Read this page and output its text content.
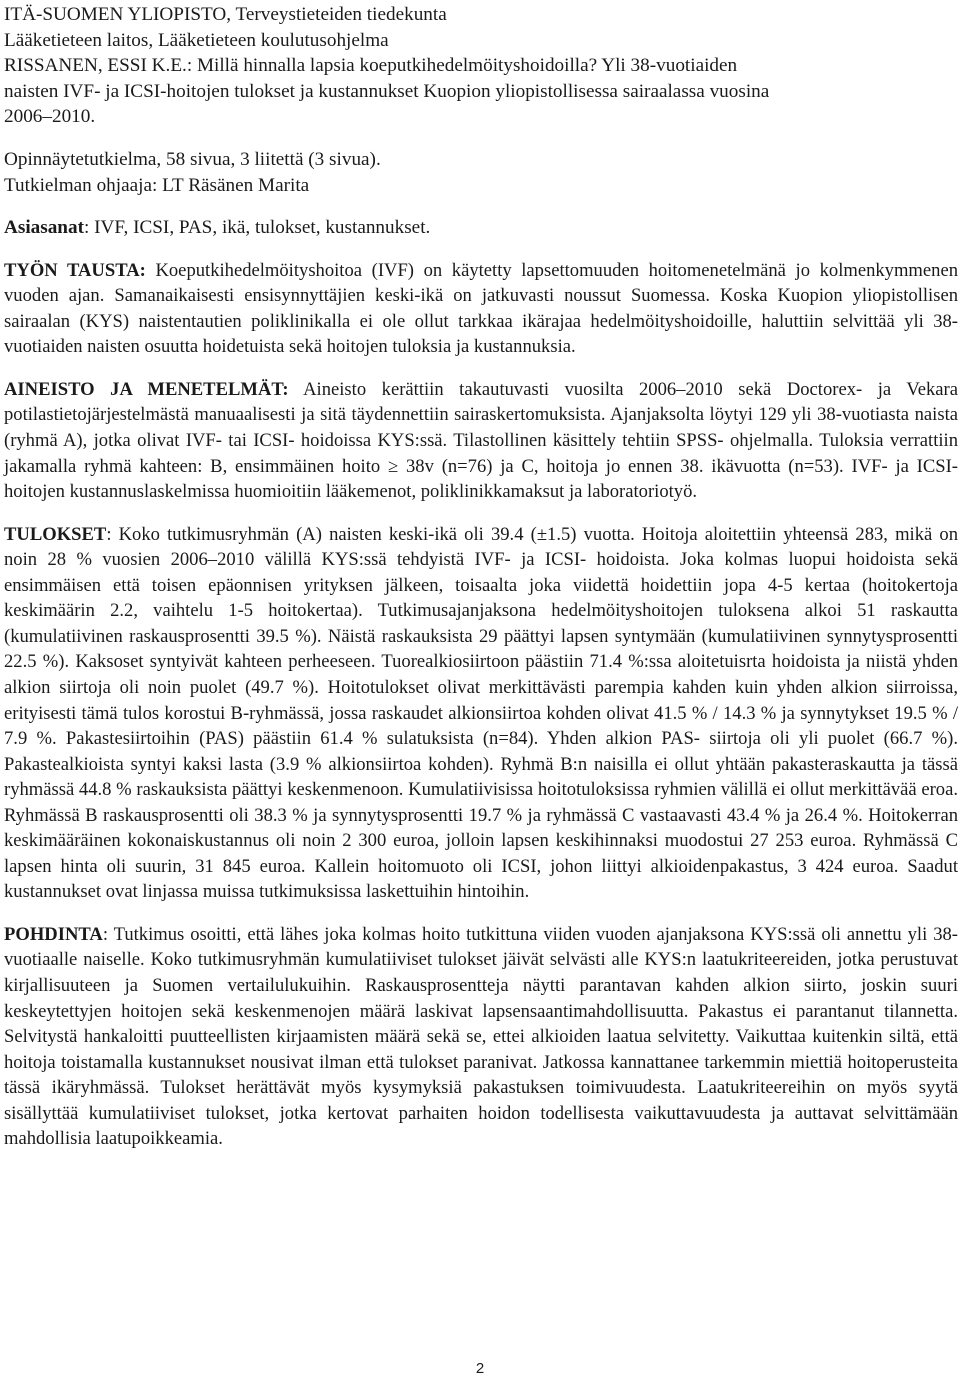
ITÄ-SUOMEN YLIOPISTO, Terveystieteiden tiedekunta
Lääketieteen laitos, Lääketieteen koulutusohjelma
RISSANEN, ESSI K.E.: Millä hinnalla lapsia koeputkihedelmöityshoidoilla? Yli 38-vuotiaiden
naisten IVF- ja ICSI-hoitojen tulokset ja kustannukset Kuopion yliopistollisessa sairaalassa vuosina
2006–2010.
Opinnäytetutkielma, 58 sivua, 3 liitettä (3 sivua).
Tutkielman ohjaaja: LT Räsänen Marita
Asiasanat: IVF, ICSI, PAS, ikä, tulokset, kustannukset.

TYÖN TAUSTA: Koeputkihedelmöityshoitoa (IVF) on käytetty lapsettomuuden hoitomenetelmänä jo kolmenkymmenen vuoden ajan. Samanaikaisesti ensisynnyttäjien keski-ikä on jatkuvasti noussut Suomessa. Koska Kuopion yliopistollisen sairaalan (KYS) naistentautien poliklinikalla ei ole ollut tarkkaa ikärajaa hedelmöityshoidoille, haluttiin selvittää yli 38-vuotiaiden naisten osuutta hoidetuista sekä hoitojen tuloksia ja kustannuksia.

AINEISTO JA MENETELMÄT: Aineisto kerättiin takautuvasti vuosilta 2006–2010 sekä Doctorex- ja Vekara potilastietojärjestelmästä manuaalisesti ja sitä täydennettiin sairaskertomuksista. Ajanjaksolta löytyi 129 yli 38-vuotiasta naista (ryhmä A), jotka olivat IVF- tai ICSI- hoidoissa KYS:ssä. Tilastollinen käsittely tehtiin SPSS- ohjelmalla. Tuloksia verrattiin jakamalla ryhmä kahteen: B, ensimmäinen hoito ≥ 38v (n=76) ja C, hoitoja jo ennen 38. ikävuotta (n=53). IVF- ja ICSI-hoitojen kustannuslaskelmissa huomioitiin lääkemenot, poliklinikkamaksut ja laboratoriotyö.

TULOKSET: Koko tutkimusryhmän (A) naisten keski-ikä oli 39.4 (±1.5) vuotta. Hoitoja aloitettiin yhteensä 283, mikä on noin 28 % vuosien 2006–2010 välillä KYS:ssä tehdyistä IVF- ja ICSI- hoidoista. Joka kolmas luopui hoidoista sekä ensimmäisen että toisen epäonnisen yrityksen jälkeen, toisaalta joka viidettä hoidettiin jopa 4-5 kertaa (hoitokertoja keskimäärin 2.2, vaihtelu 1-5 hoitokertaa). Tutkimusajanjaksona hedelmöityshoitojen tuloksena alkoi 51 raskautta (kumulatiivinen raskausprosentti 39.5 %). Näistä raskauksista 29 päättyi lapsen syntymään (kumulatiivinen synnytysprosentti 22.5 %). Kaksoset syntyivät kahteen perheeseen. Tuorealkiosiirtoon päästiin 71.4 %:ssa aloitetuisrta hoidoista ja niistä yhden alkion siirtoja oli noin puolet (49.7 %). Hoitotulokset olivat merkittävästi parempia kahden kuin yhden alkion siirroissa, erityisesti tämä tulos korostui B-ryhmässä, jossa raskaudet alkionsiirtoa kohden olivat 41.5 % / 14.3 % ja synnytykset 19.5 % / 7.9 %. Pakastesiirtoihin (PAS) päästiin 61.4 % sulatuksista (n=84). Yhden alkion PAS- siirtoja oli yli puolet (66.7 %). Pakastealkioista syntyi kaksi lasta (3.9 % alkionsiirtoa kohden). Ryhmä B:n naisilla ei ollut yhtään pakasteraskautta ja tässä ryhmässä 44.8 % raskauksista päättyi keskenmenoon. Kumulatiivisissa hoitotuloksissa ryhmien välillä ei ollut merkittävää eroa. Ryhmässä B raskausprosentti oli 38.3 % ja synnytysprosentti 19.7 % ja ryhmässä C vastaavasti 43.4 % ja 26.4 %. Hoitokerran keskimääräinen kokonaiskustannus oli noin 2 300 euroa, jolloin lapsen keskihinnaksi muodostui 27 253 euroa. Ryhmässä C lapsen hinta oli suurin, 31 845 euroa. Kallein hoitomuoto oli ICSI, johon liittyi alkioidenpakastus, 3 424 euroa. Saadut kustannukset ovat linjassa muissa tutkimuksissa laskettuihin hintoihin.

POHDINTA: Tutkimus osoitti, että lähes joka kolmas hoito tutkittuna viiden vuoden ajanjaksona KYS:ssä oli annettu yli 38-vuotiaalle naiselle. Koko tutkimusryhmän kumulatiiviset tulokset jäivät selvästi alle KYS:n laatukriteereiden, jotka perustuvat kirjallisuuteen ja Suomen vertailulukuihin. Raskausprosentteja näytti parantavan kahden alkion siirto, joskin suuri keskeytettyjen hoitojen sekä keskenmenojen määrä laskivat lapsensaantimahdollisuutta. Pakastus ei parantanut tilannetta. Selvitystä hankaloitti puutteellisten kirjaamisten määrä sekä se, ettei alkioiden laatua selvitetty. Vaikuttaa kuitenkin siltä, että hoitoja toistamalla kustannukset nousivat ilman että tulokset paranivat. Jatkossa kannattanee tarkemmin miettiä hoitoperusteita tässä ikäryhmässä. Tulokset herättävät myös kysymyksiä pakastuksen toimivuudesta. Laatukriteereihin on myös syytä sisällyttää kumulatiiviset tulokset, jotka kertovat parhaiten hoidon todellisesta vaikuttavuudesta ja auttavat selvittämään mahdollisia laatupoikkeamia.

2
